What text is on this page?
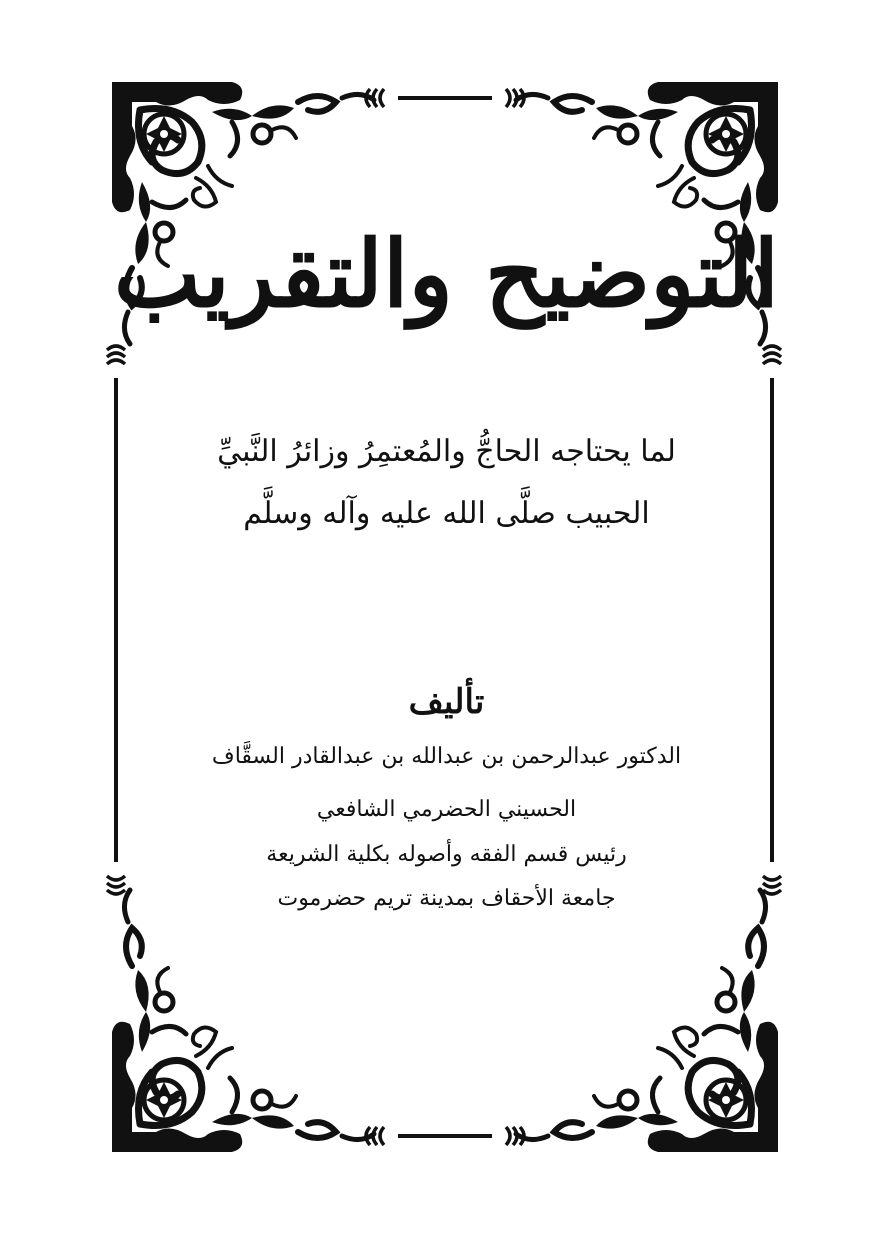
التوضيح والتقريب
لما يحتاجه الحاجُّ والمُعتمِرُ وزائرُ النَّبيِّ
الحبيب صلَّى الله عليه وآله وسلَّم
تأليف
الدكتور عبدالرحمن بن عبدالله بن عبدالقادر السقَّاف
الحسيني الحضرمي الشافعي
رئيس قسم الفقه وأصوله بكلية الشريعة
جامعة الأحقاف بمدينة تريم حضرموت
